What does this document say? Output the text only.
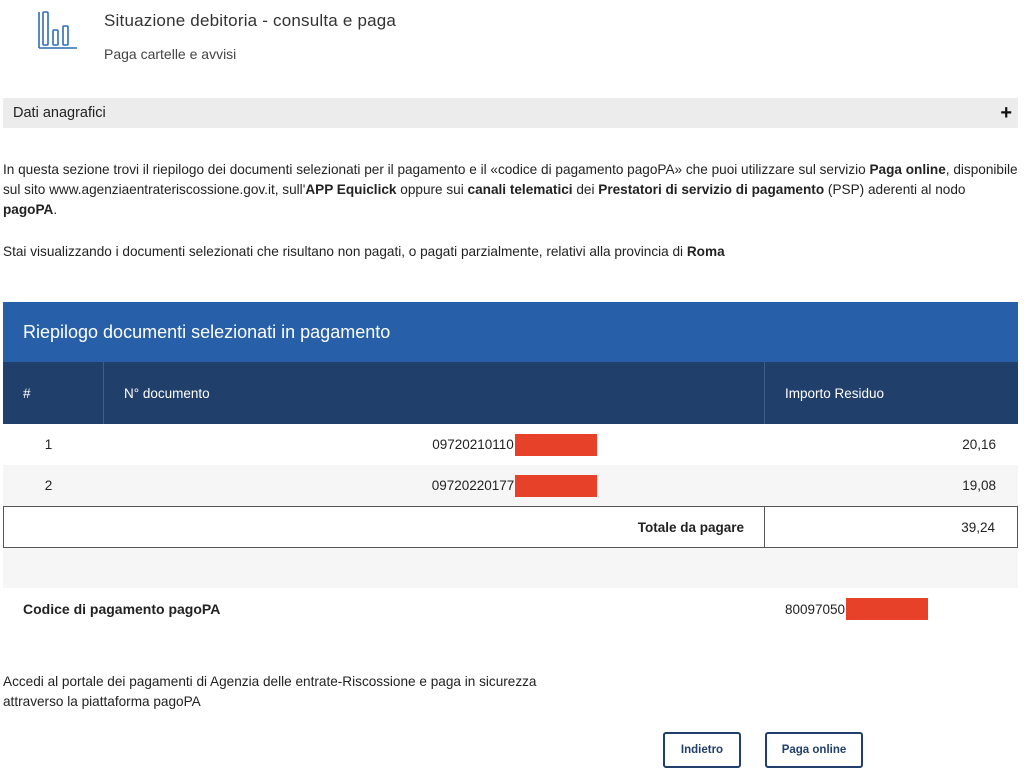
Situazione debitoria - consulta e paga
Paga cartelle e avvisi
Dati anagrafici	+
In questa sezione trovi il riepilogo dei documenti selezionati per il pagamento e il «codice di pagamento pagoPA» che puoi utilizzare sul servizio Paga online, disponibile sul sito www.agenziaentrateriscossione.gov.it, sull'APP Equiclick oppure sui canali telematici dei Prestatori di servizio di pagamento (PSP) aderenti al nodo pagoPA.
Stai visualizzando i documenti selezionati che risultano non pagati, o pagati parzialmente, relativi alla provincia di Roma
Riepilogo documenti selezionati in pagamento
#	N° documento	Importo Residuo
1	09720210110	20,16
2	09720220177	19,08
Totale da pagare	39,24
Codice di pagamento pagoPA	80097050
Accedi al portale dei pagamenti di Agenzia delle entrate-Riscossione e paga in sicurezza attraverso la piattaforma pagoPA
Indietro	Paga online
